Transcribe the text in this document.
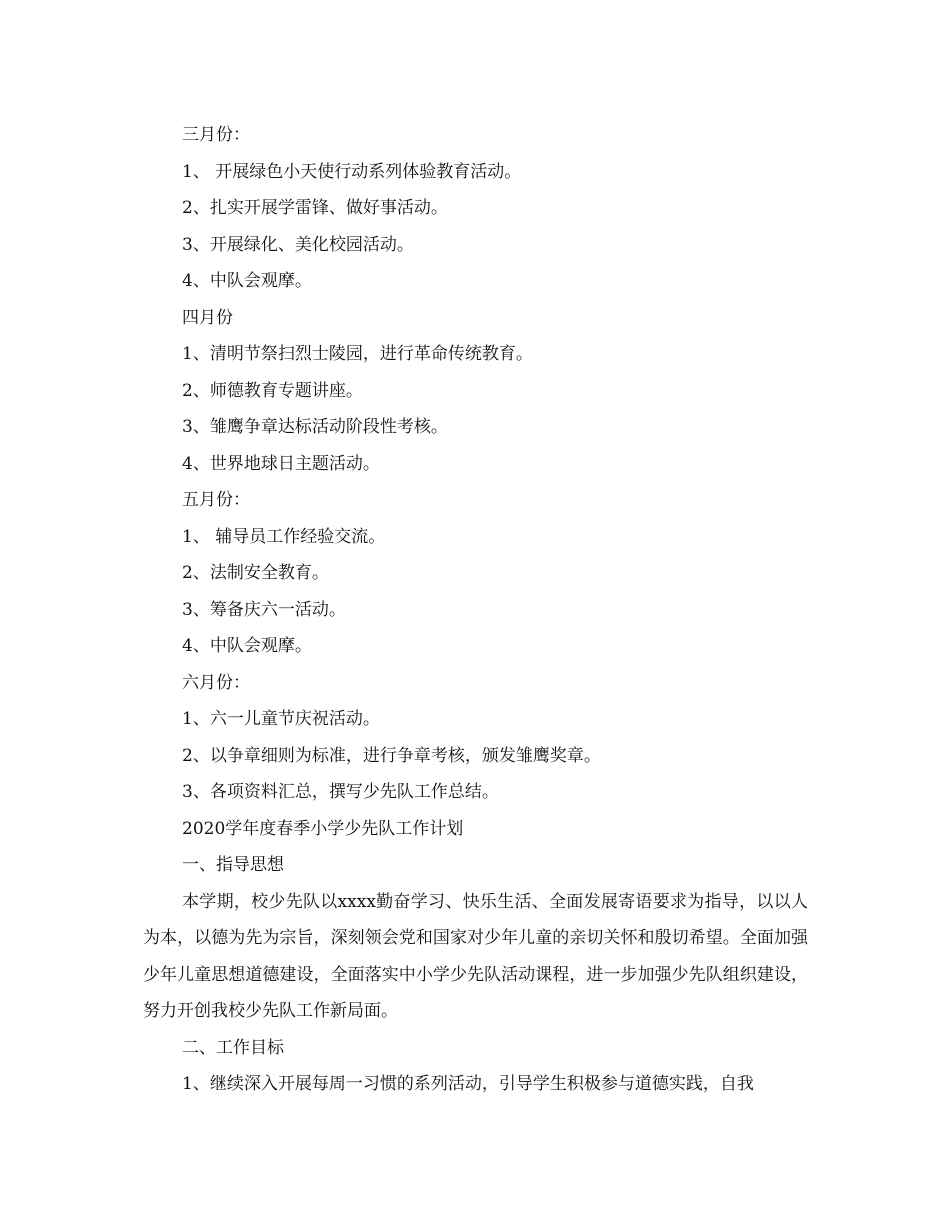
三月份：
1、 开展绿色小天使行动系列体验教育活动。
2、扎实开展学雷锋、做好事活动。
3、开展绿化、美化校园活动。
4、中队会观摩。
四月份
1、清明节祭扫烈士陵园，进行革命传统教育。
2、师德教育专题讲座。
3、雏鹰争章达标活动阶段性考核。
4、世界地球日主题活动。
五月份：
1、 辅导员工作经验交流。
2、法制安全教育。
3、筹备庆六一活动。
4、中队会观摩。
六月份：
1、六一儿童节庆祝活动。
2、以争章细则为标准，进行争章考核，颁发雏鹰奖章。
3、各项资料汇总，撰写少先队工作总结。
2020学年度春季小学少先队工作计划
一、指导思想
本学期，校少先队以xxxx勤奋学习、快乐生活、全面发展寄语要求为指导，以以人为本，以德为先为宗旨，深刻领会党和国家对少年儿童的亲切关怀和殷切希望。全面加强少年儿童思想道德建设，全面落实中小学少先队活动课程，进一步加强少先队组织建设，努力开创我校少先队工作新局面。
二、工作目标
1、继续深入开展每周一习惯的系列活动，引导学生积极参与道德实践，自我
